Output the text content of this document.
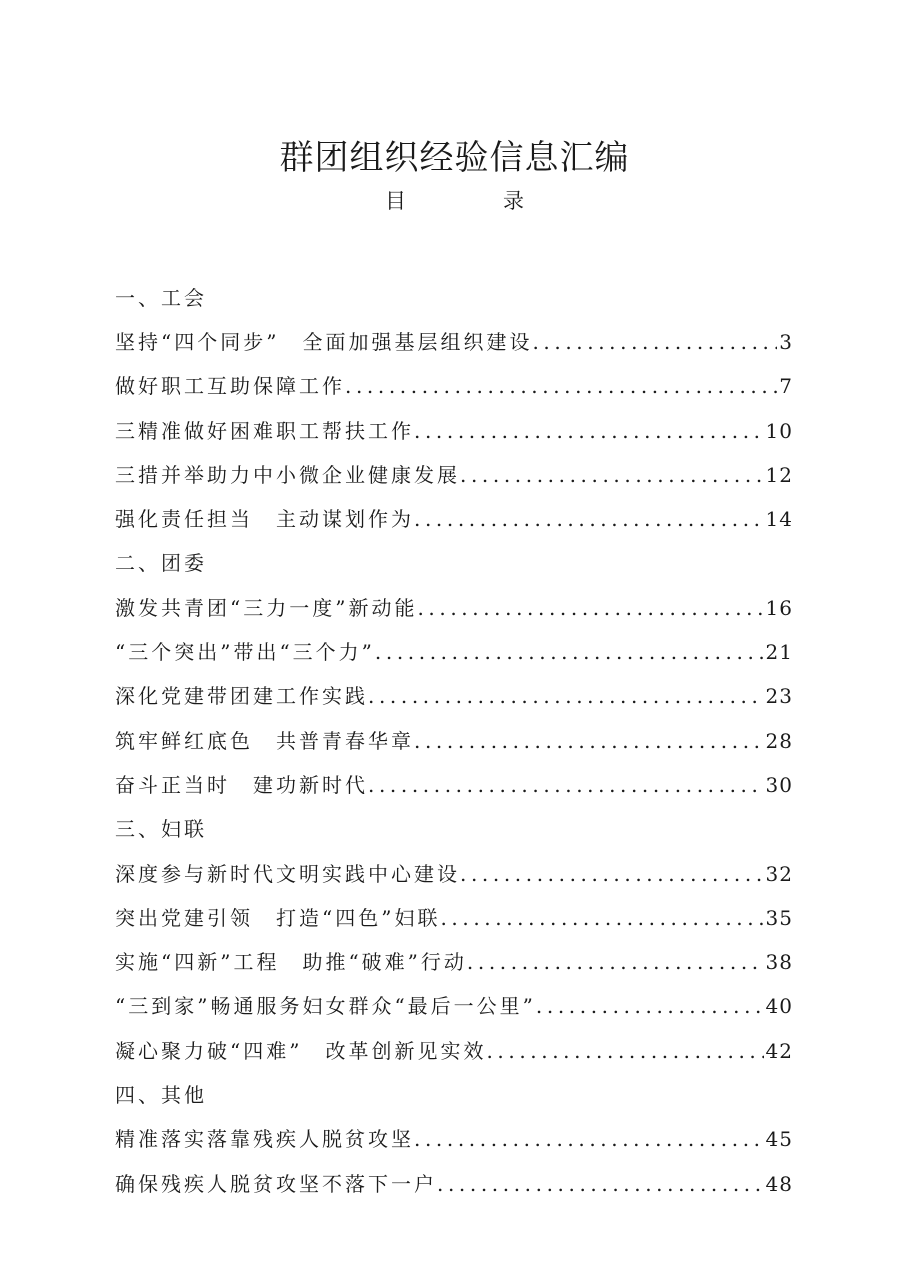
群团组织经验信息汇编
目　录
一、工会
坚持“四个同步”　全面加强基层组织建设 .....	3
做好职工互助保障工作 .....	7
三精准做好困难职工帮扶工作 .....	10
三措并举助力中小微企业健康发展 .....	12
强化责任担当　主动谋划作为 .....	14
二、团委
激发共青团“三力一度”新动能 .....	16
“三个突出”带出“三个力” .....	21
深化党建带团建工作实践 .....	23
筑牢鲜红底色　共普青春华章 .....	28
奋斗正当时　建功新时代 .....	30
三、妇联
深度参与新时代文明实践中心建设 .....	32
突出党建引领　打造“四色”妇联 .....	35
实施“四新”工程　助推“破难”行动 .....	38
“三到家”畅通服务妇女群众“最后一公里” .....	40
凝心聚力破“四难”　改革创新见实效 .....	42
四、其他
精准落实落靠残疾人脱贫攻坚 .....	45
确保残疾人脱贫攻坚不落下一户 .....	48
